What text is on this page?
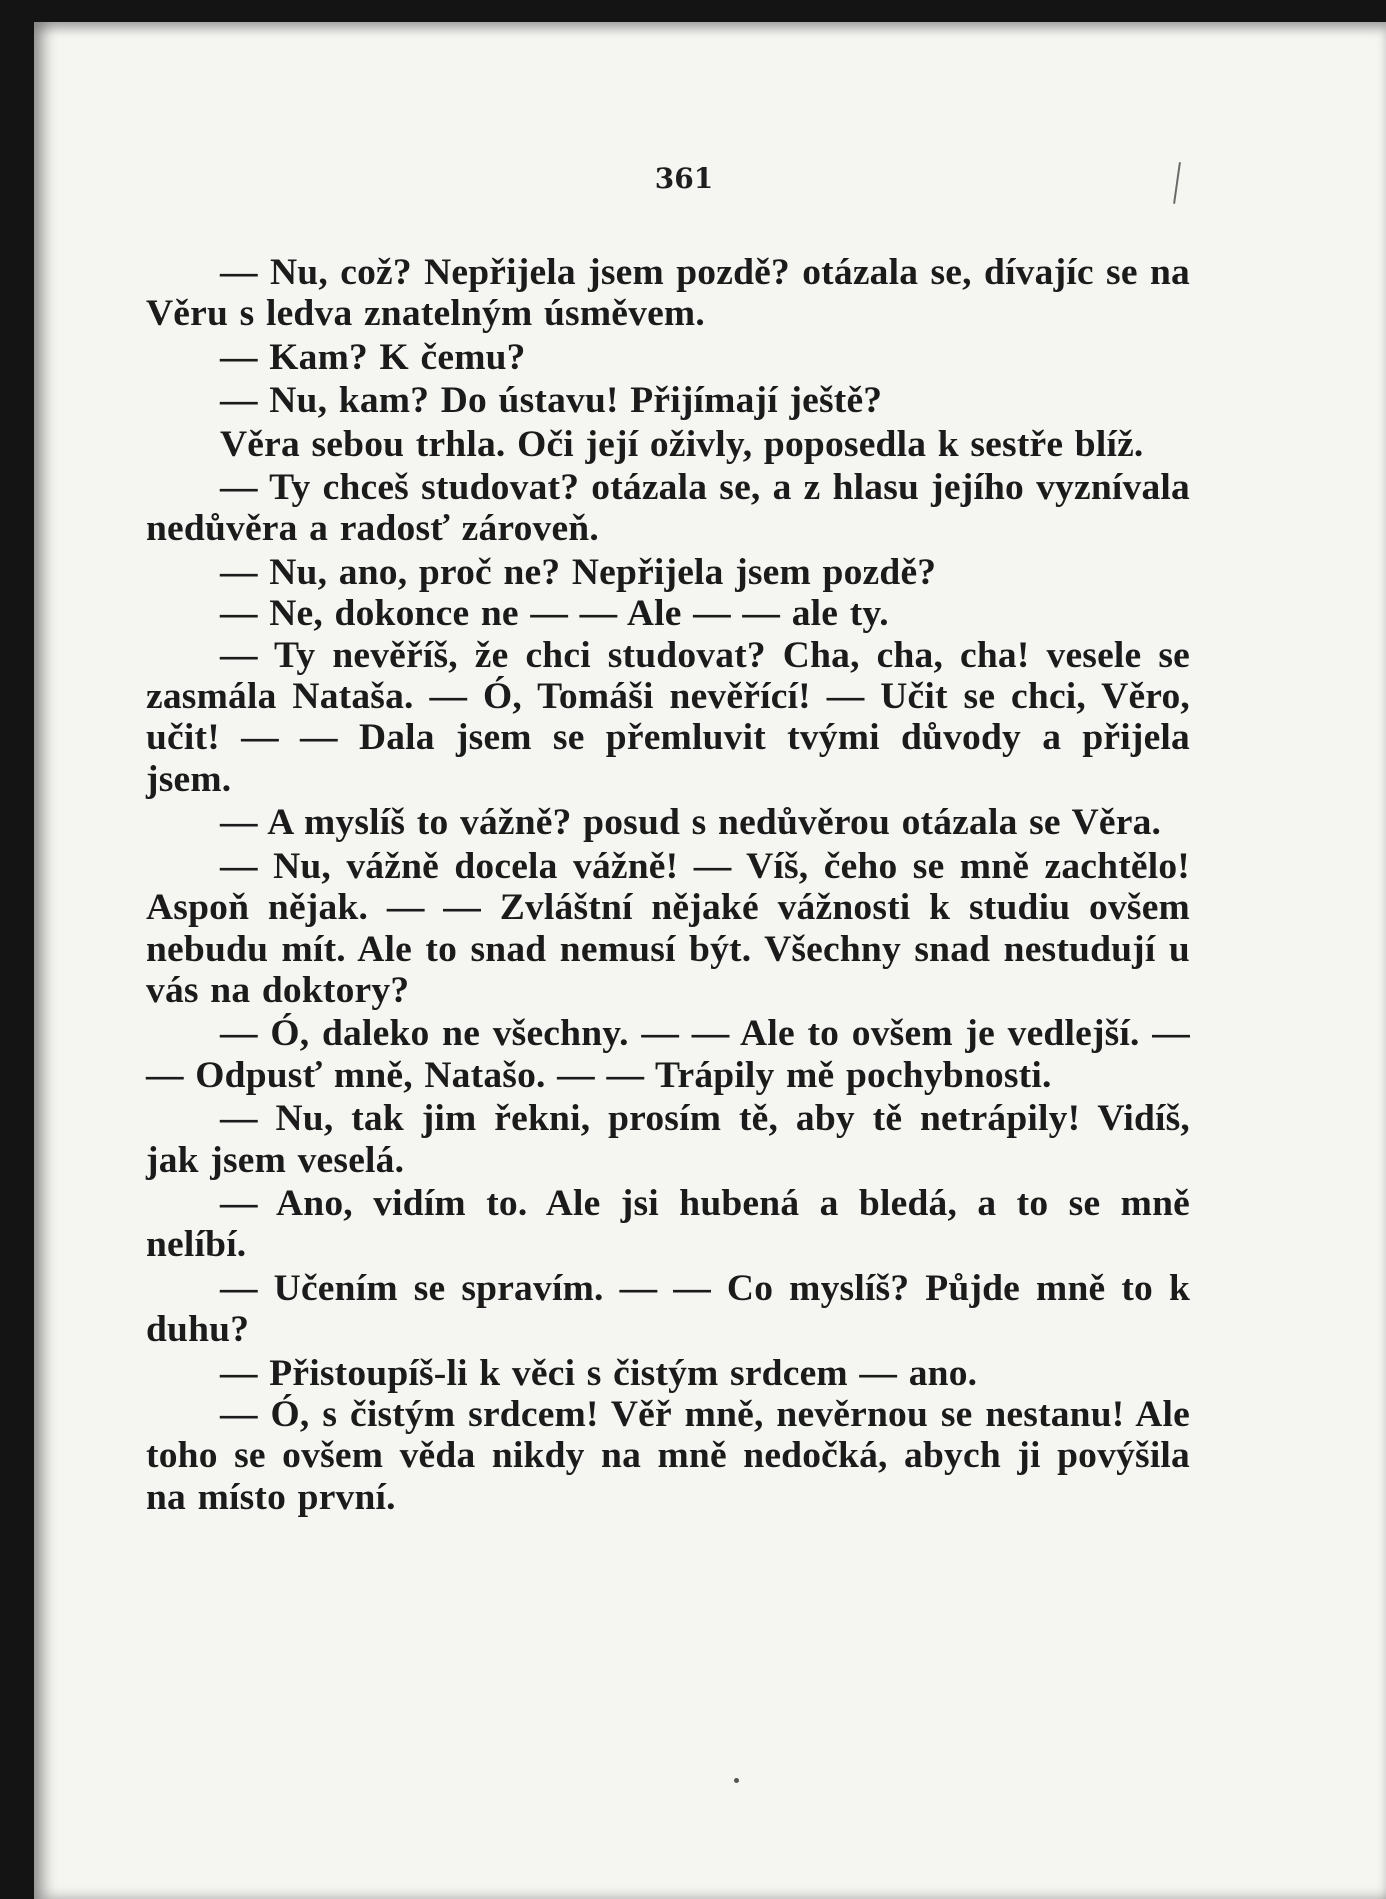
361

— Nu, což? Nepřijela jsem pozdě? otázala se, dívajíc se na Věru s ledva znatelným úsměvem.

— Kam? K čemu?

— Nu, kam? Do ústavu! Přijímají ještě?

Věra sebou trhla. Oči její oživly, poposedla k sestře blíž.

— Ty chceš studovat? otázala se, a z hlasu jejího vyznívala nedůvěra a radosť zároveň.

— Nu, ano, proč ne? Nepřijela jsem pozdě?

— Ne, dokonce ne — — Ale — — ale ty.

— Ty nevěříš, že chci studovat? Cha, cha, cha! vesele se zasmála Nataša. — Ó, Tomáši nevěřící! — Učit se chci, Věro, učit! — — Dala jsem se přemluvit tvými důvody a přijela jsem.

— A myslíš to vážně? posud s nedůvěrou otázala se Věra.

— Nu, vážně docela vážně! — Víš, čeho se mně zachtělo! Aspoň nějak. — — Zvláštní nějaké vážnosti k studiu ovšem nebudu mít. Ale to snad nemusí být. Všechny snad nestudují u vás na doktory?

— Ó, daleko ne všechny. — — Ale to ovšem je vedlejší. — — Odpusť mně, Natašo. — — Trápily mě pochybnosti.

— Nu, tak jim řekni, prosím tě, aby tě netrápily! Vidíš, jak jsem veselá.

— Ano, vidím to. Ale jsi hubená a bledá, a to se mně nelíbí.

— Učením se spravím. — — Co myslíš? Půjde mně to k duhu?

— Přistoupíš-li k věci s čistým srdcem — ano.

— Ó, s čistým srdcem! Věř mně, nevěrnou se nestanu! Ale toho se ovšem věda nikdy na mně nedočká, abych ji povýšila na místo první.
